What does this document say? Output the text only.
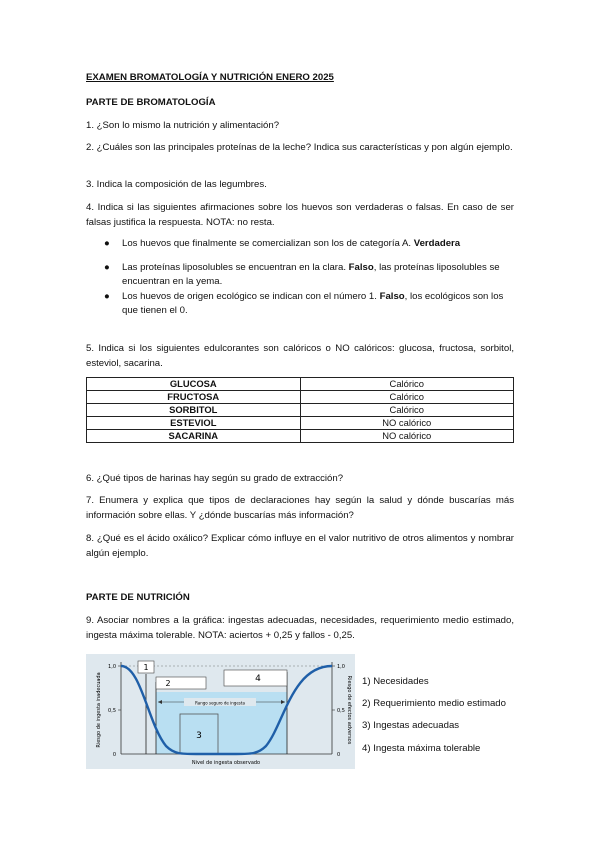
EXAMEN BROMATOLOGÍA Y NUTRICIÓN ENERO 2025
PARTE DE BROMATOLOGÍA
1. ¿Son lo mismo la nutrición y alimentación?
2. ¿Cuáles son las principales proteínas de la leche? Indica sus características y pon algún ejemplo.
3. Indica la composición de las legumbres.
4. Indica si las siguientes afirmaciones sobre los huevos son verdaderas o falsas. En caso de ser falsas justifica la respuesta. NOTA: no resta.
● Los huevos que finalmente se comercializan son los de categoría A. Verdadera
● Las proteínas liposolubles se encuentran en la clara. Falso, las proteínas liposolubles se encuentran en la yema.
● Los huevos de origen ecológico se indican con el número 1. Falso, los ecológicos son los que tienen el 0.
5. Indica si los siguientes edulcorantes son calóricos o NO calóricos: glucosa, fructosa, sorbitol, esteviol, sacarina.
GLUCOSA	Calórico
FRUCTOSA	Calórico
SORBITOL	Calórico
ESTEVIOL	NO calórico
SACARINA	NO calórico
6. ¿Qué tipos de harinas hay según su grado de extracción?
7. Enumera y explica que tipos de declaraciones hay según la salud y dónde buscarías más información sobre ellas. Y ¿dónde buscarías más información?
8. ¿Qué es el ácido oxálico? Explicar cómo influye en el valor nutritivo de otros alimentos y nombrar algún ejemplo.
PARTE DE NUTRICIÓN
9. Asociar nombres a la gráfica: ingestas adecuadas, necesidades, requerimiento medio estimado, ingesta máxima tolerable. NOTA: aciertos + 0,25 y fallos - 0,25.
1
2
3
4
Rango seguro de ingesta
Nivel de ingesta observado
1,0
0,5
0
1,0
0,5
0
Riesgo de ingesta inadecuada	Riesgo de efectos adversos 1) Necesidades
2) Requerimiento medio estimado
3) Ingestas adecuadas
4) Ingesta máxima tolerable
